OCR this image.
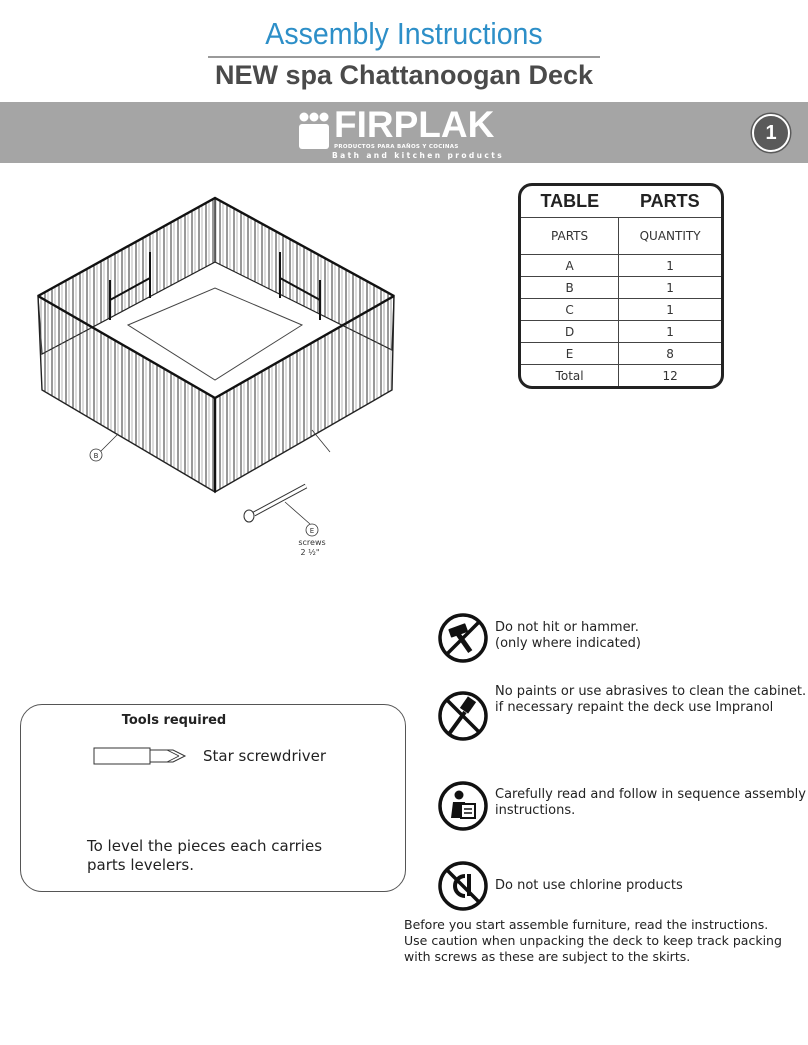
Assembly Instructions
NEW spa Chattanoogan Deck
FIRPLAK
PRODUCTOS PARA BAÑOS Y COCINAS
Bath and kitchen products
1
B
E
screws
2 ½"
TABLE	PARTS
PARTS	QUANTITY
A	1
B	1
C	1
D	1
E	8
Total	12
Do not hit or hammer.
(only where indicated)
No paints or use abrasives to clean the cabinet.
if necessary repaint the deck use Impranol
Carefully read and follow in sequence assembly
instructions.
Do not use chlorine products
Tools required
Star screwdriver
To level the pieces each carries parts levelers.
Before you start assemble furniture, read the instructions. Use caution when unpacking the deck to keep track packing with screws as these are subject to the skirts.
